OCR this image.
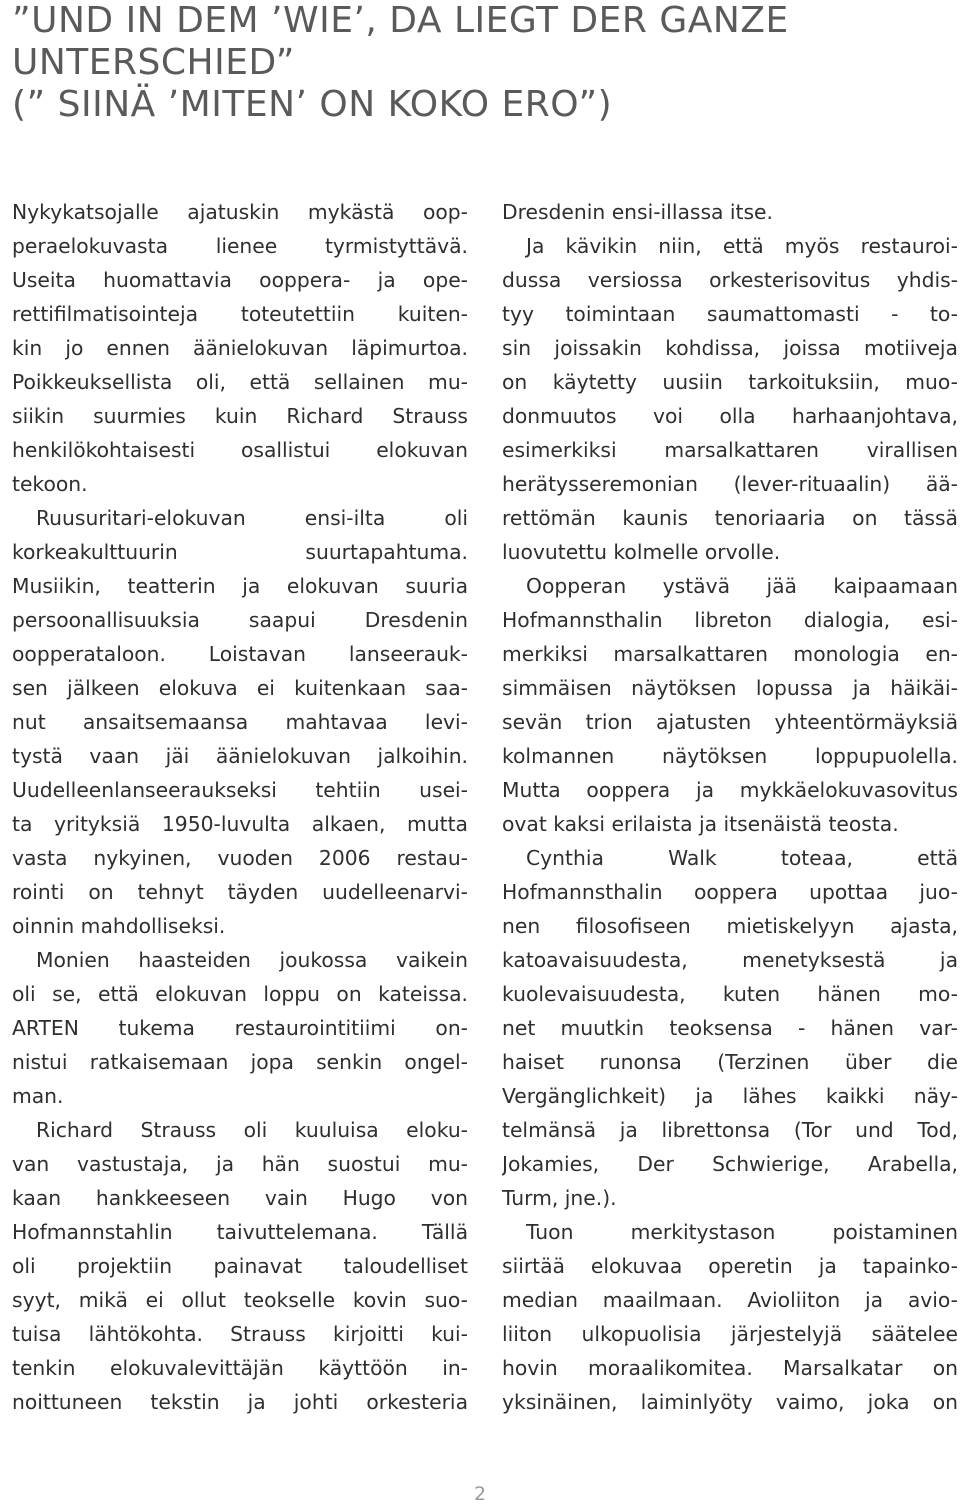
”UND IN DEM ’WIE’, DA LIEGT DER GANZE
UNTERSCHIED”
(” SIINÄ ’MITEN’ ON KOKO ERO”)
Nykykatsojalle ajatuskin mykästä oop-
peraelokuvasta lienee tyrmistyttävä.
Useita huomattavia ooppera- ja ope-
rettifilmatisointeja toteutettiin kuiten-
kin jo ennen äänielokuvan läpimurtoa.
Poikkeuksellista oli, että sellainen mu-
siikin suurmies kuin Richard Strauss
henkilökohtaisesti osallistui elokuvan
tekoon.
Ruusuritari-elokuvan ensi-ilta oli
korkeakulttuurin suurtapahtuma.
Musiikin, teatterin ja elokuvan suuria
persoonallisuuksia saapui Dresdenin
oopperataloon. Loistavan lanseerauk-
sen jälkeen elokuva ei kuitenkaan saa-
nut ansaitsemaansa mahtavaa levi-
tystä vaan jäi äänielokuvan jalkoihin.
Uudelleenlanseeraukseksi tehtiin usei-
ta yrityksiä 1950-luvulta alkaen, mutta
vasta nykyinen, vuoden 2006 restau-
rointi on tehnyt täyden uudelleenarvi-
oinnin mahdolliseksi.
Monien haasteiden joukossa vaikein
oli se, että elokuvan loppu on kateissa.
ARTEN tukema restaurointitiimi on-
nistui ratkaisemaan jopa senkin ongel-
man.
Richard Strauss oli kuuluisa eloku-
van vastustaja, ja hän suostui mu-
kaan hankkeeseen vain Hugo von
Hofmannstahlin taivuttelemana. Tällä
oli projektiin painavat taloudelliset
syyt, mikä ei ollut teokselle kovin suo-
tuisa lähtökohta. Strauss kirjoitti kui-
tenkin elokuvalevittäjän käyttöön in-
noittuneen tekstin ja johti orkesteria
Dresdenin ensi-illassa itse.
Ja kävikin niin, että myös restauroi-
dussa versiossa orkesterisovitus yhdis-
tyy toimintaan saumattomasti - to-
sin joissakin kohdissa, joissa motiiveja
on käytetty uusiin tarkoituksiin, muo-
donmuutos voi olla harhaanjohtava,
esimerkiksi marsalkattaren virallisen
herätysseremonian (lever-rituaalin) ää-
rettömän kaunis tenoriaaria on tässä
luovutettu kolmelle orvolle.
Oopperan ystävä jää kaipaamaan
Hofmannsthalin libreton dialogia, esi-
merkiksi marsalkattaren monologia en-
simmäisen näytöksen lopussa ja häikäi-
sevän trion ajatusten yhteentörmäyksiä
kolmannen näytöksen loppupuolella.
Mutta ooppera ja mykkäelokuvasovitus
ovat kaksi erilaista ja itsenäistä teosta.
Cynthia Walk toteaa, että
Hofmannsthalin ooppera upottaa juo-
nen filosofiseen mietiskelyyn ajasta,
katoavaisuudesta, menetyksestä ja
kuolevaisuudesta, kuten hänen mo-
net muutkin teoksensa - hänen var-
haiset runonsa (Terzinen über die
Vergänglichkeit) ja lähes kaikki näy-
telmänsä ja librettonsa (Tor und Tod,
Jokamies, Der Schwierige, Arabella,
Turm, jne.).
Tuon merkitystason poistaminen
siirtää elokuvaa operetin ja tapainko-
median maailmaan. Avioliiton ja avio-
liiton ulkopuolisia järjestelyjä säätelee
hovin moraalikomitea. Marsalkatar on
yksinäinen, laiminlyöty vaimo, joka on
2
